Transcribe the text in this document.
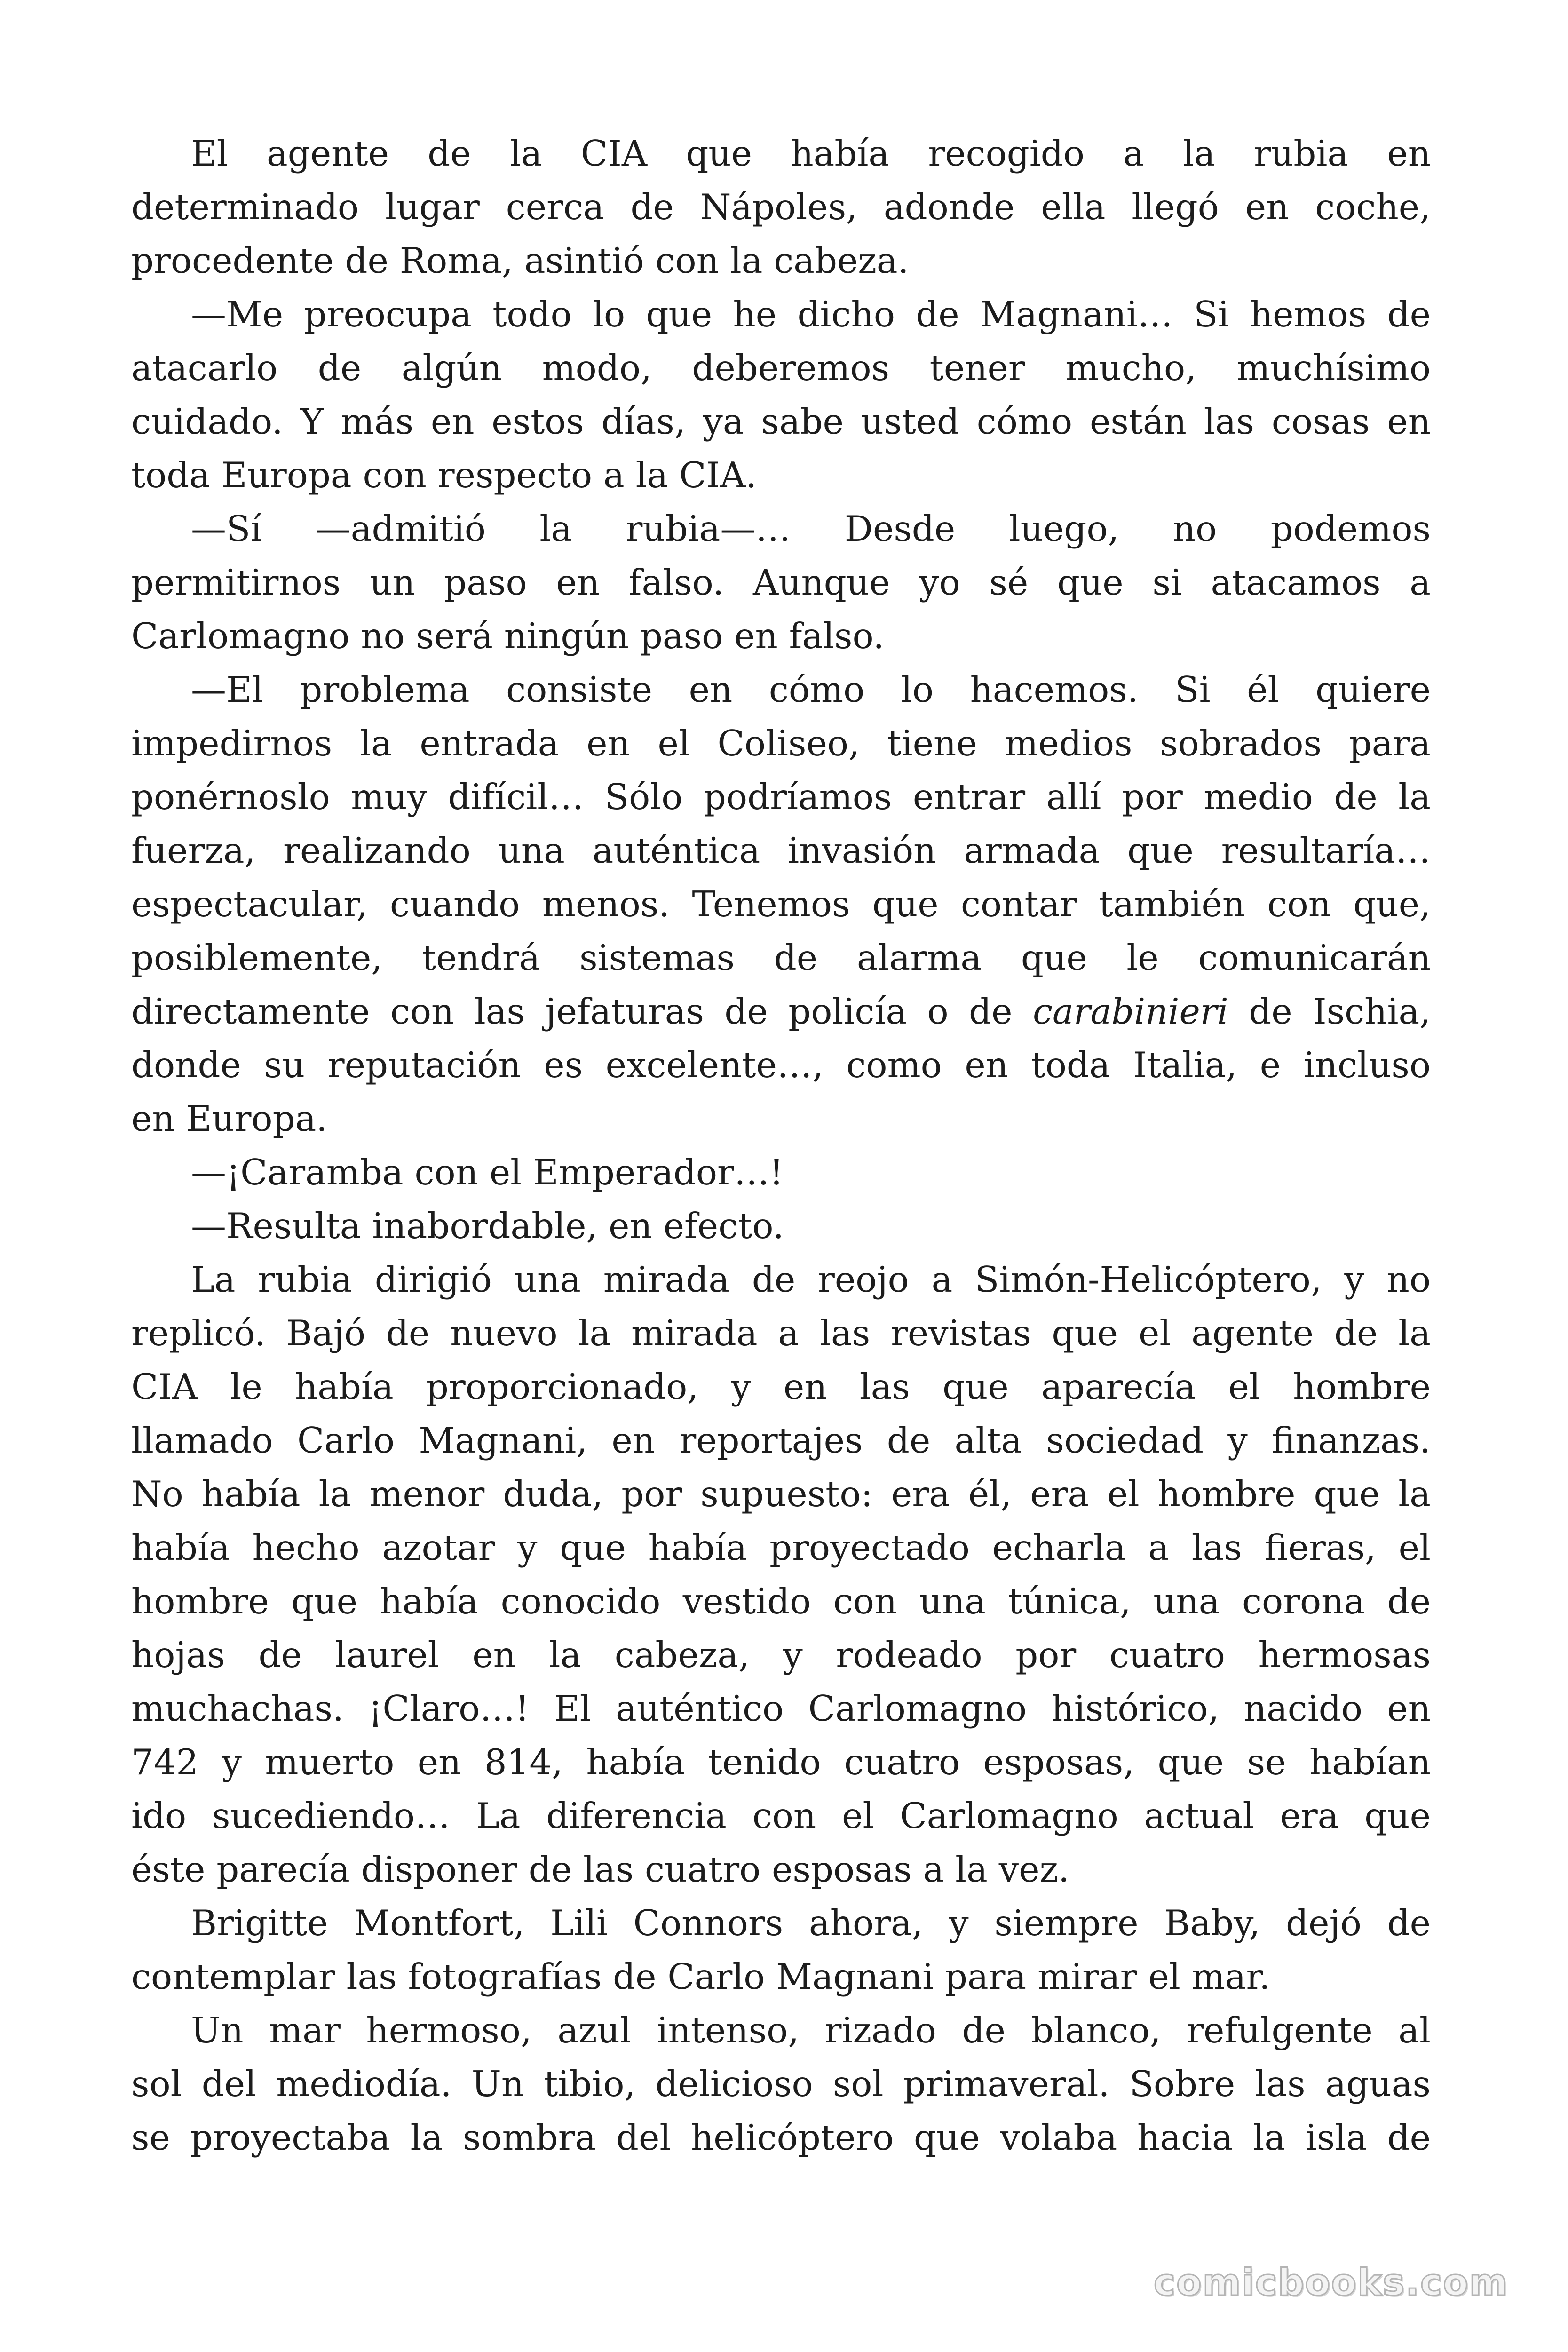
El agente de la CIA que había recogido a la rubia en
determinado lugar cerca de Nápoles, adonde ella llegó en coche,
procedente de Roma, asintió con la cabeza.
—Me preocupa todo lo que he dicho de Magnani… Si hemos de
atacarlo de algún modo, deberemos tener mucho, muchísimo
cuidado. Y más en estos días, ya sabe usted cómo están las cosas en
toda Europa con respecto a la CIA.
—Sí —admitió la rubia—… Desde luego, no podemos
permitirnos un paso en falso. Aunque yo sé que si atacamos a
Carlomagno no será ningún paso en falso.
—El problema consiste en cómo lo hacemos. Si él quiere
impedirnos la entrada en el Coliseo, tiene medios sobrados para
ponérnoslo muy difícil… Sólo podríamos entrar allí por medio de la
fuerza, realizando una auténtica invasión armada que resultaría…
espectacular, cuando menos. Tenemos que contar también con que,
posiblemente, tendrá sistemas de alarma que le comunicarán
directamente con las jefaturas de policía o de carabinieri de Ischia,
donde su reputación es excelente…, como en toda Italia, e incluso
en Europa.
—¡Caramba con el Emperador…!
—Resulta inabordable, en efecto.
La rubia dirigió una mirada de reojo a Simón-Helicóptero, y no
replicó. Bajó de nuevo la mirada a las revistas que el agente de la
CIA le había proporcionado, y en las que aparecía el hombre
llamado Carlo Magnani, en reportajes de alta sociedad y finanzas.
No había la menor duda, por supuesto: era él, era el hombre que la
había hecho azotar y que había proyectado echarla a las fieras, el
hombre que había conocido vestido con una túnica, una corona de
hojas de laurel en la cabeza, y rodeado por cuatro hermosas
muchachas. ¡Claro…! El auténtico Carlomagno histórico, nacido en
742 y muerto en 814, había tenido cuatro esposas, que se habían
ido sucediendo… La diferencia con el Carlomagno actual era que
éste parecía disponer de las cuatro esposas a la vez.
Brigitte Montfort, Lili Connors ahora, y siempre Baby, dejó de
contemplar las fotografías de Carlo Magnani para mirar el mar.
Un mar hermoso, azul intenso, rizado de blanco, refulgente al
sol del mediodía. Un tibio, delicioso sol primaveral. Sobre las aguas
se proyectaba la sombra del helicóptero que volaba hacia la isla de
comicbooks.com
